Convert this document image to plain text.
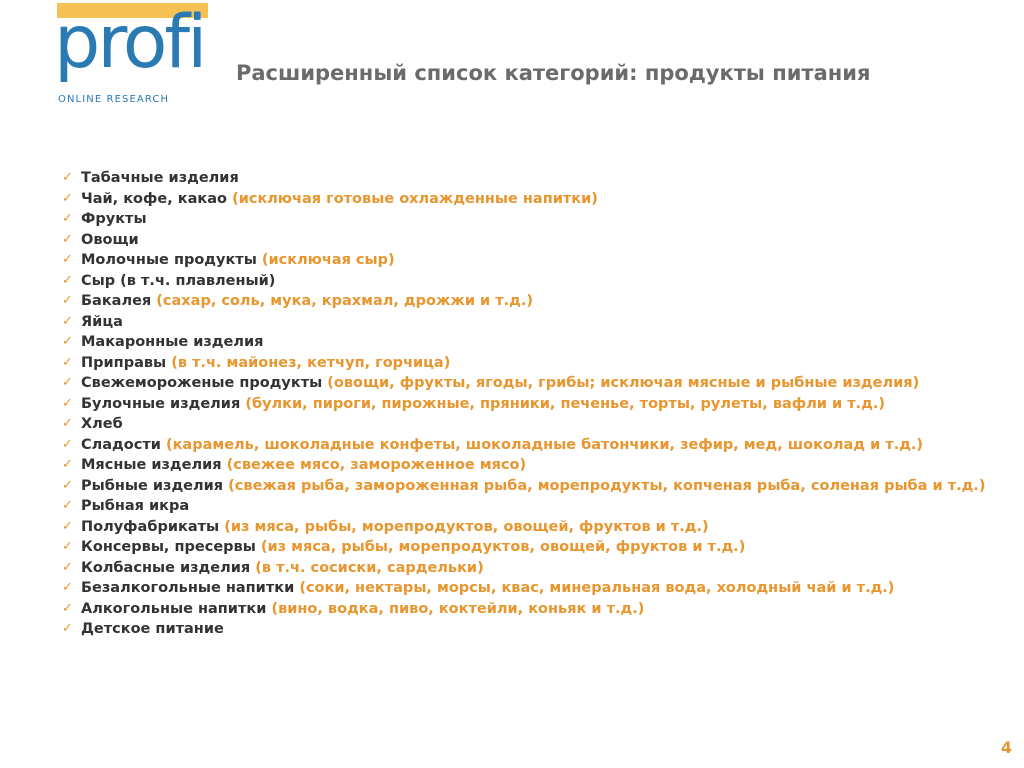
profi
ONLINE RESEARCH
Расширенный список категорий: продукты питания
✓ Табачные изделия
✓ Чай, кофе, какао (исключая готовые охлажденные напитки)
✓ Фрукты
✓ Овощи
✓ Молочные продукты (исключая сыр)
✓ Сыр (в т.ч. плавленый)
✓ Бакалея (сахар, соль, мука, крахмал, дрожжи и т.д.)
✓ Яйца
✓ Макаронные изделия
✓ Приправы (в т.ч. майонез, кетчуп, горчица)
✓ Свежемороженые продукты (овощи, фрукты, ягоды, грибы; исключая мясные и рыбные изделия)
✓ Булочные изделия (булки, пироги, пирожные, пряники, печенье, торты, рулеты, вафли и т.д.)
✓ Хлеб
✓ Сладости (карамель, шоколадные конфеты, шоколадные батончики, зефир, мед, шоколад и т.д.)
✓ Мясные изделия (свежее мясо, замороженное мясо)
✓ Рыбные изделия (свежая рыба, замороженная рыба, морепродукты, копченая рыба, соленая рыба и т.д.)
✓ Рыбная икра
✓ Полуфабрикаты (из мяса, рыбы, морепродуктов, овощей, фруктов и т.д.)
✓ Консервы, пресервы (из мяса, рыбы, морепродуктов, овощей, фруктов и т.д.)
✓ Колбасные изделия (в т.ч. сосиски, сардельки)
✓ Безалкогольные напитки (соки, нектары, морсы, квас, минеральная вода, холодный чай и т.д.)
✓ Алкогольные напитки (вино, водка, пиво, коктейли, коньяк и т.д.)
✓ Детское питание
4
